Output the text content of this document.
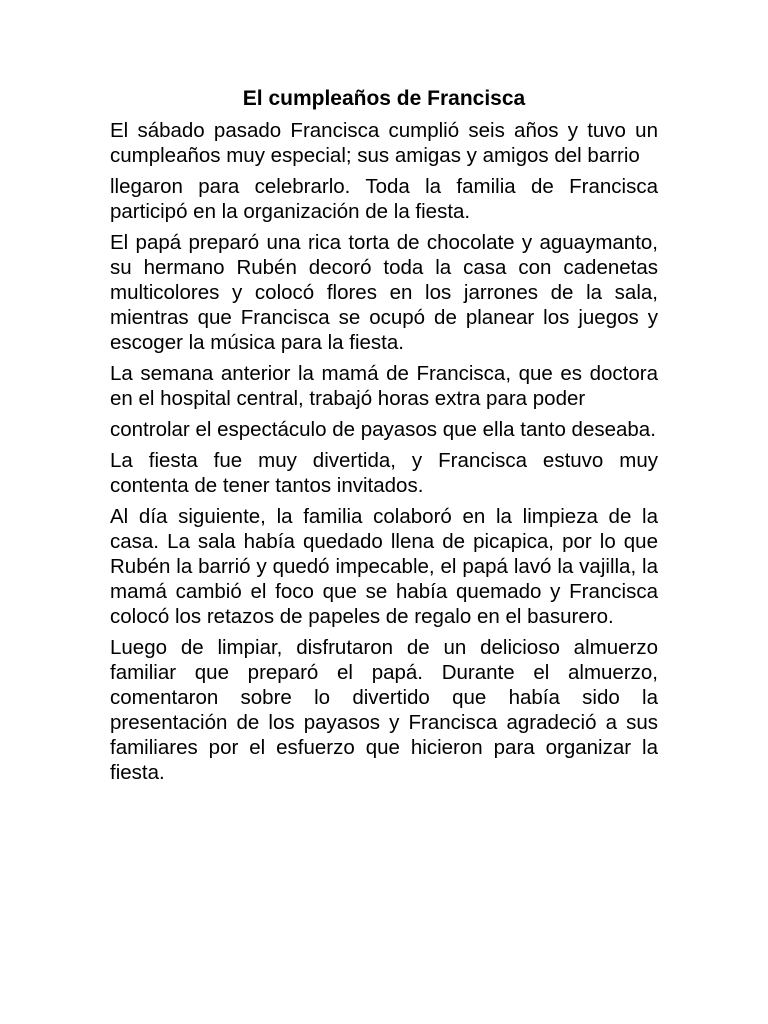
El cumpleaños de Francisca

El sábado pasado Francisca cumplió seis años y tuvo un cumpleaños muy especial; sus amigas y amigos del barrio

llegaron para celebrarlo. Toda la familia de Francisca participó en la organización de la fiesta.

El papá preparó una rica torta de chocolate y aguaymanto, su hermano Rubén decoró toda la casa con cadenetas multicolores y colocó flores en los jarrones de la sala, mientras que Francisca se ocupó de planear los juegos y escoger la música para la fiesta.

La semana anterior la mamá de Francisca, que es doctora en el hospital central, trabajó horas extra para poder

controlar el espectáculo de payasos que ella tanto deseaba.

La fiesta fue muy divertida, y Francisca estuvo muy contenta de tener tantos invitados.

Al día siguiente, la familia colaboró en la limpieza de la casa. La sala había quedado llena de picapica, por lo que Rubén la barrió y quedó impecable, el papá lavó la vajilla, la mamá cambió el foco que se había quemado y Francisca colocó los retazos de papeles de regalo en el basurero.

Luego de limpiar, disfrutaron de un delicioso almuerzo familiar que preparó el papá. Durante el almuerzo, comentaron sobre lo divertido que había sido la presentación de los payasos y Francisca agradeció a sus familiares por el esfuerzo que hicieron para organizar la fiesta.
